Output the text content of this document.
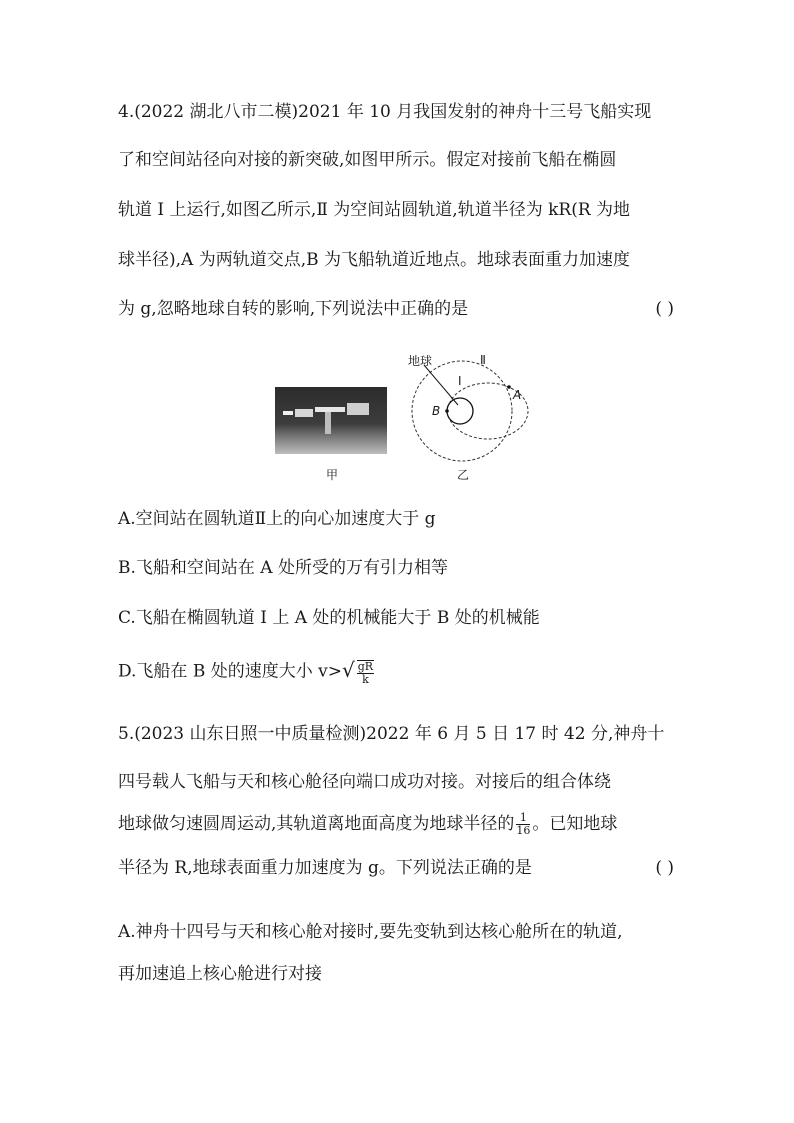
4.(2022 湖北八市二模)2021 年 10 月我国发射的神舟十三号飞船实现
了和空间站径向对接的新突破,如图甲所示。假定对接前飞船在椭圆
轨道 Ⅰ 上运行,如图乙所示,Ⅱ 为空间站圆轨道,轨道半径为 kR(R 为地
球半径),A 为两轨道交点,B 为飞船轨道近地点。地球表面重力加速度
为 g,忽略地球自转的影响,下列说法中正确的是	( )
甲
地球
Ⅰ
Ⅱ
A
B
乙
A.空间站在圆轨道Ⅱ上的向心加速度大于 g
B.飞船和空间站在 A 处所受的万有引力相等
C.飞船在椭圆轨道 Ⅰ 上 A 处的机械能大于 B 处的机械能
D.飞船在 B 处的速度大小 $v>√ \frac{gR}{k}$
5.(2023 山东日照一中质量检测)2022 年 6 月 5 日 17 时 42 分,神舟十
四号载人飞船与天和核心舱径向端口成功对接。对接后的组合体绕
地球做匀速圆周运动,其轨道离地面高度为地球半径的 $\frac{1}{16}$ 。已知地球
半径为 R,地球表面重力加速度为 g。下列说法正确的是	( )
A.神舟十四号与天和核心舱对接时,要先变轨到达核心舱所在的轨道,
再加速追上核心舱进行对接
